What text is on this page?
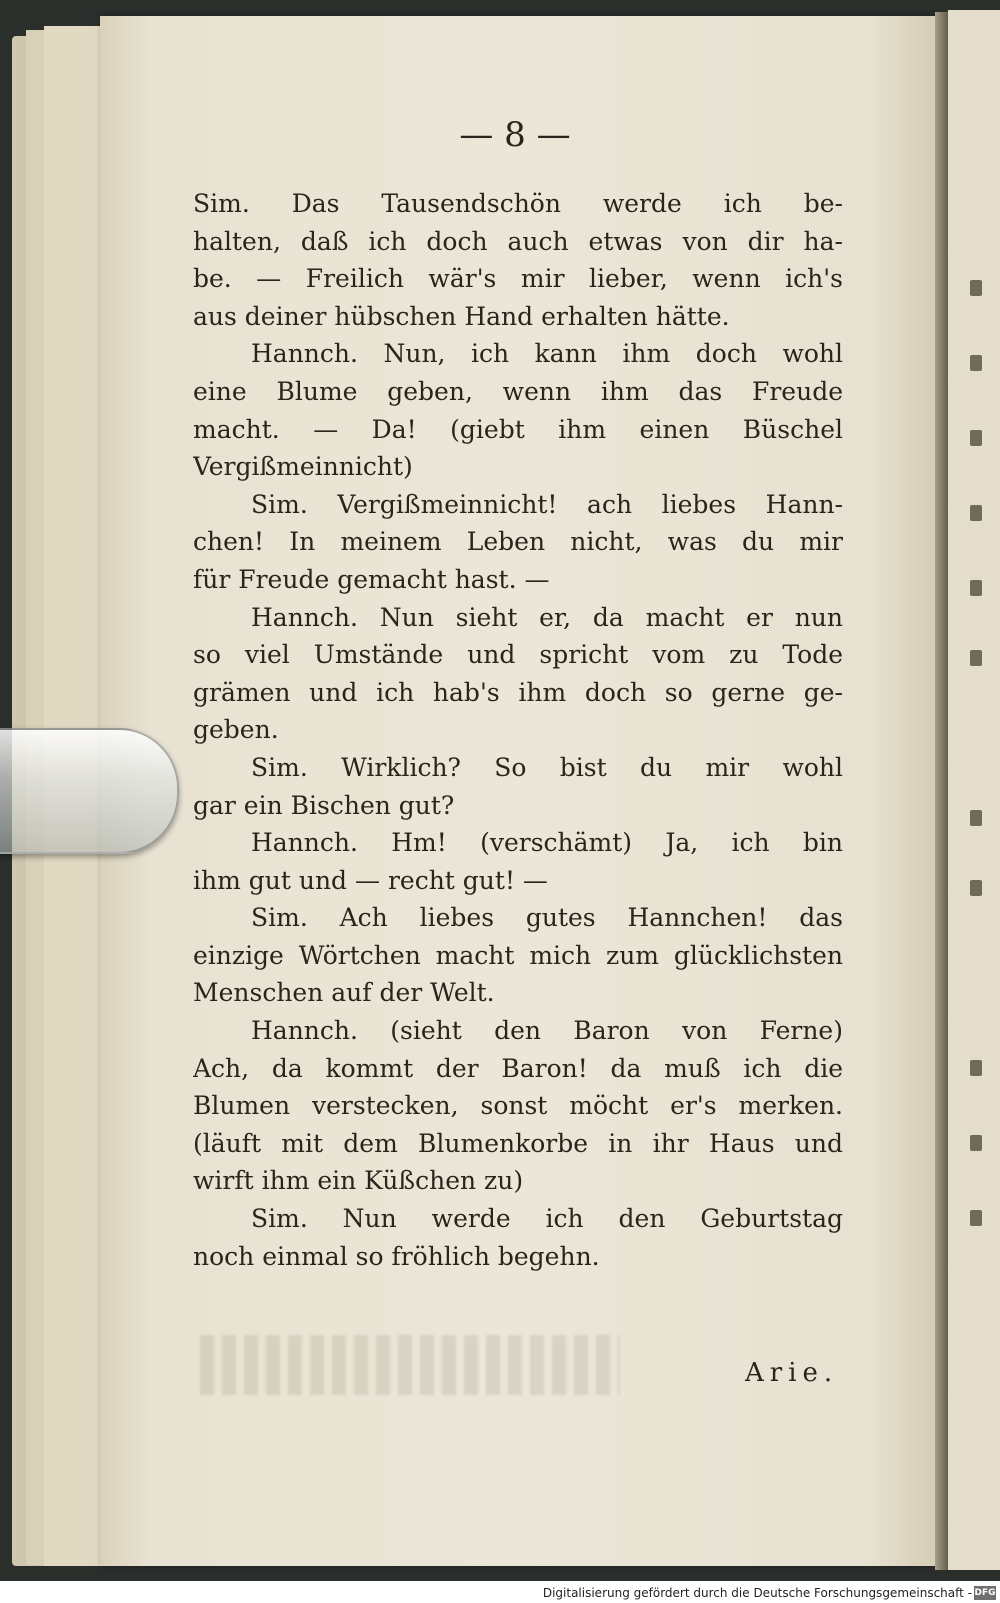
— 8 —
Sim. Das Tausendschön werde ich be-
halten, daß ich doch auch etwas von dir ha-
be. — Freilich wär's mir lieber, wenn ich's
aus deiner hübschen Hand erhalten hätte.
Hannch. Nun, ich kann ihm doch wohl
eine Blume geben, wenn ihm das Freude
macht. — Da! (giebt ihm einen Büschel
Vergißmeinnicht)
Sim. Vergißmeinnicht! ach liebes Hann-
chen! In meinem Leben nicht, was du mir
für Freude gemacht hast. —
Hannch. Nun sieht er, da macht er nun
so viel Umstände und spricht vom zu Tode
grämen und ich hab's ihm doch so gerne ge-
geben.
Sim. Wirklich? So bist du mir wohl
gar ein Bischen gut?
Hannch. Hm! (verschämt) Ja, ich bin
ihm gut und — recht gut! —
Sim. Ach liebes gutes Hannchen! das
einzige Wörtchen macht mich zum glücklichsten
Menschen auf der Welt.
Hannch. (sieht den Baron von Ferne)
Ach, da kommt der Baron! da muß ich die
Blumen verstecken, sonst möcht er's merken.
(läuft mit dem Blumenkorbe in ihr Haus und
wirft ihm ein Küßchen zu)
Sim. Nun werde ich den Geburtstag
noch einmal so fröhlich begehn.
Arie.
Digitalisierung gefördert durch die Deutsche Forschungsgemeinschaft - DFG
